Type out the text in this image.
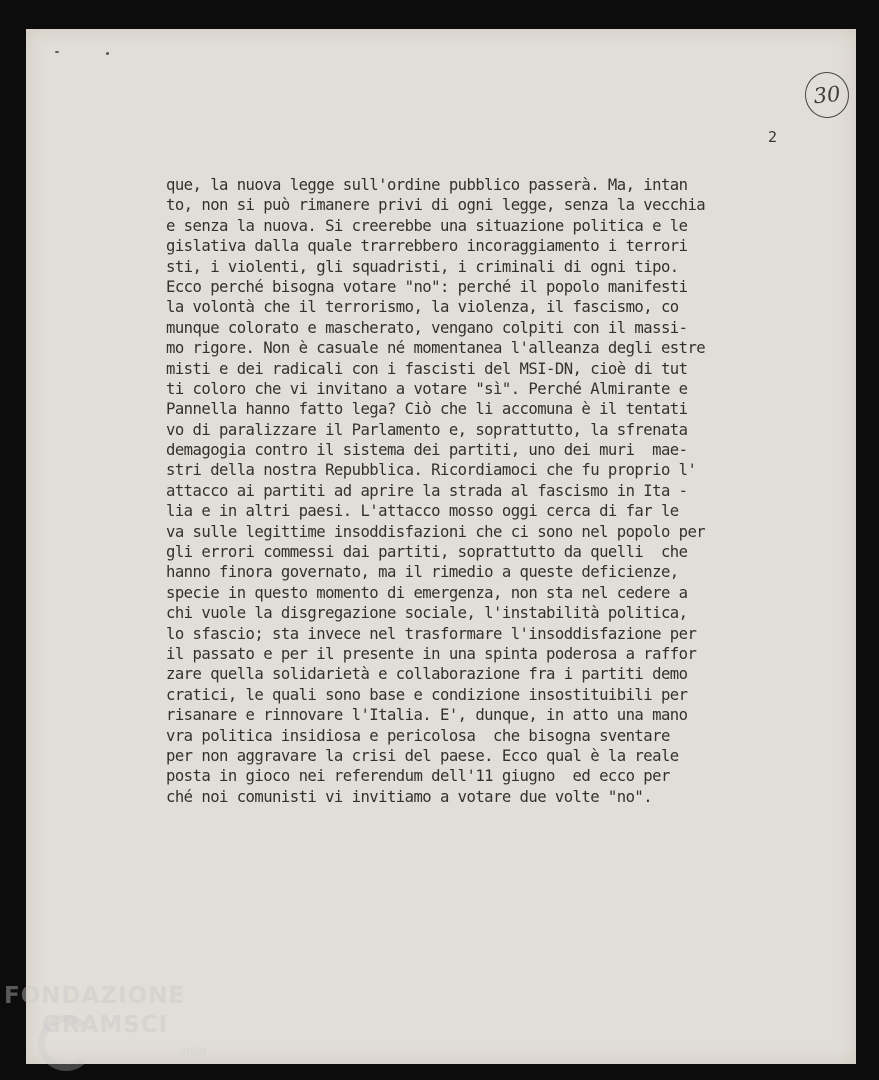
30
2
que, la nuova legge sull'ordine pubblico passerà. Ma, intan
to, non si può rimanere privi di ogni legge, senza la vecchia
e senza la nuova. Si creerebbe una situazione politica e le
gislativa dalla quale trarrebbero incoraggiamento i terrori
sti, i violenti, gli squadristi, i criminali di ogni tipo.
Ecco perché bisogna votare "no": perché il popolo manifesti
la volontà che il terrorismo, la violenza, il fascismo, co
munque colorato e mascherato, vengano colpiti con il massi-
mo rigore. Non è casuale né momentanea l'alleanza degli estre
misti e dei radicali con i fascisti del MSI-DN, cioè di tut
ti coloro che vi invitano a votare "sì". Perché Almirante e
Pannella hanno fatto lega? Ciò che li accomuna è il tentati
vo di paralizzare il Parlamento e, soprattutto, la sfrenata
demagogia contro il sistema dei partiti, uno dei muri  mae-
stri della nostra Repubblica. Ricordiamoci che fu proprio l'
attacco ai partiti ad aprire la strada al fascismo in Ita -
lia e in altri paesi. L'attacco mosso oggi cerca di far le
va sulle legittime insoddisfazioni che ci sono nel popolo per
gli errori commessi dai partiti, soprattutto da quelli  che
hanno finora governato, ma il rimedio a queste deficienze,
specie in questo momento di emergenza, non sta nel cedere a
chi vuole la disgregazione sociale, l'instabilità politica,
lo sfascio; sta invece nel trasformare l'insoddisfazione per
il passato e per il presente in una spinta poderosa a raffor
zare quella solidarietà e collaborazione fra i partiti demo
cratici, le quali sono base e condizione insostituibili per
risanare e rinnovare l'Italia. E', dunque, in atto una mano
vra politica insidiosa e pericolosa  che bisogna sventare
per non aggravare la crisi del paese. Ecco qual è la reale
posta in gioco nei referendum dell'11 giugno  ed ecco per
ché noi comunisti vi invitiamo a votare due volte "no".
FONDAZIONE
GRAMSCI
onlus
